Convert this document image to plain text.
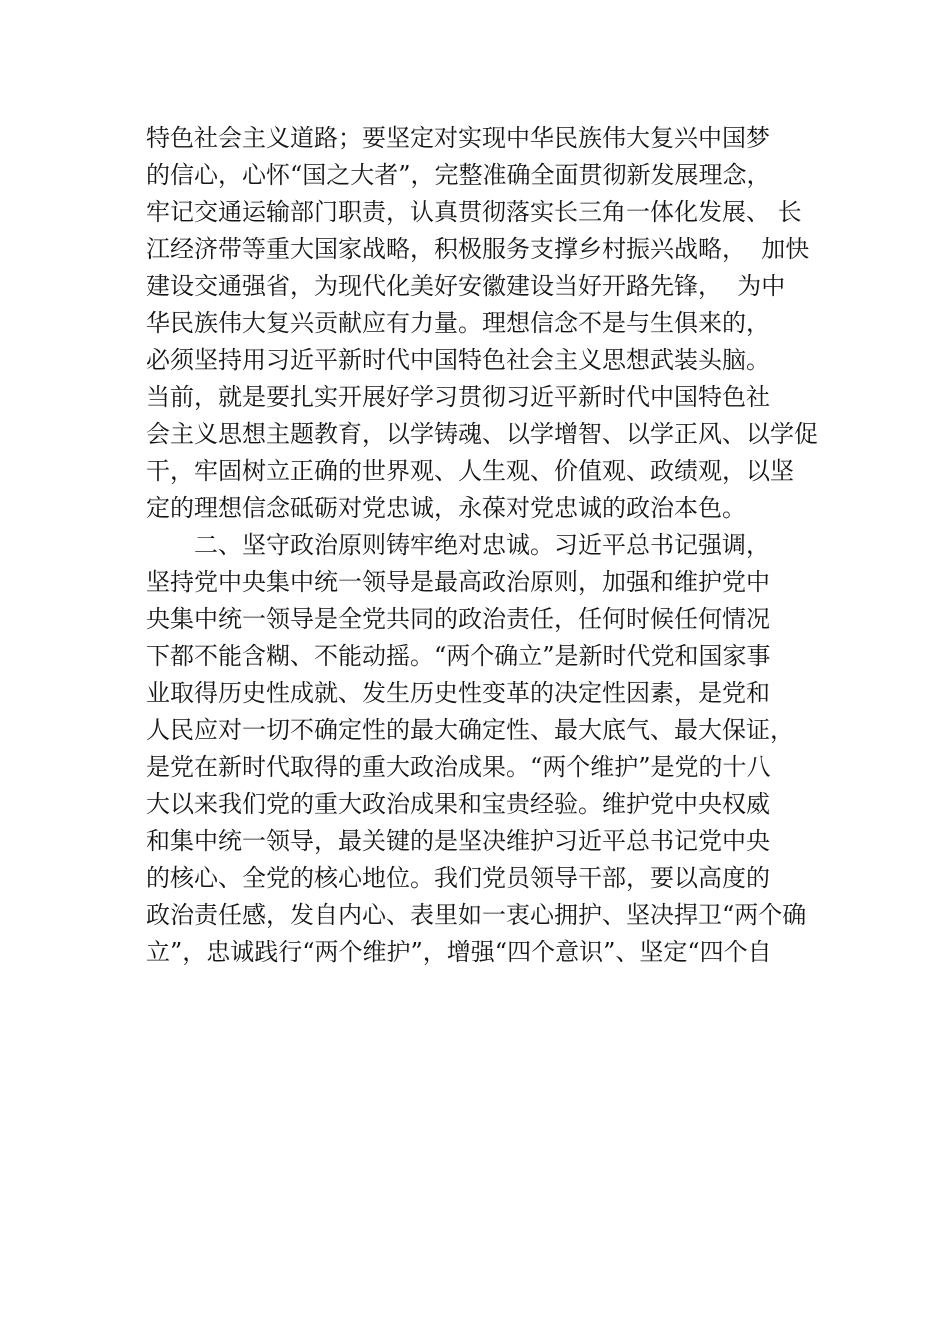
特色社会主义道路；要坚定对实现中华民族伟大复兴中国梦
的信心，心怀“国之大者”，完整准确全面贯彻新发展理念，
牢记交通运输部门职责，认真贯彻落实长三角一体化发展、 长
江经济带等重大国家战略，积极服务支撑乡村振兴战略，  加快
建设交通强省，为现代化美好安徽建设当好开路先锋，  为中
华民族伟大复兴贡献应有力量。理想信念不是与生俱来的，
必须坚持用习近平新时代中国特色社会主义思想武装头脑。
当前，就是要扎实开展好学习贯彻习近平新时代中国特色社
会主义思想主题教育，以学铸魂、以学增智、以学正风、以学促
干，牢固树立正确的世界观、人生观、价值观、政绩观，以坚
定的理想信念砥砺对党忠诚，永葆对党忠诚的政治本色。
二、坚守政治原则铸牢绝对忠诚。习近平总书记强调，
坚持党中央集中统一领导是最高政治原则，加强和维护党中
央集中统一领导是全党共同的政治责任，任何时候任何情况
下都不能含糊、不能动摇。“两个确立”是新时代党和国家事
业取得历史性成就、发生历史性变革的决定性因素，是党和
人民应对一切不确定性的最大确定性、最大底气、最大保证，
是党在新时代取得的重大政治成果。“两个维护”是党的十八
大以来我们党的重大政治成果和宝贵经验。维护党中央权威
和集中统一领导，最关键的是坚决维护习近平总书记党中央
的核心、全党的核心地位。我们党员领导干部，要以高度的
政治责任感，发自内心、表里如一衷心拥护、坚决捍卫“两个确
立”，忠诚践行“两个维护”，增强“四个意识”、坚定“四个自
